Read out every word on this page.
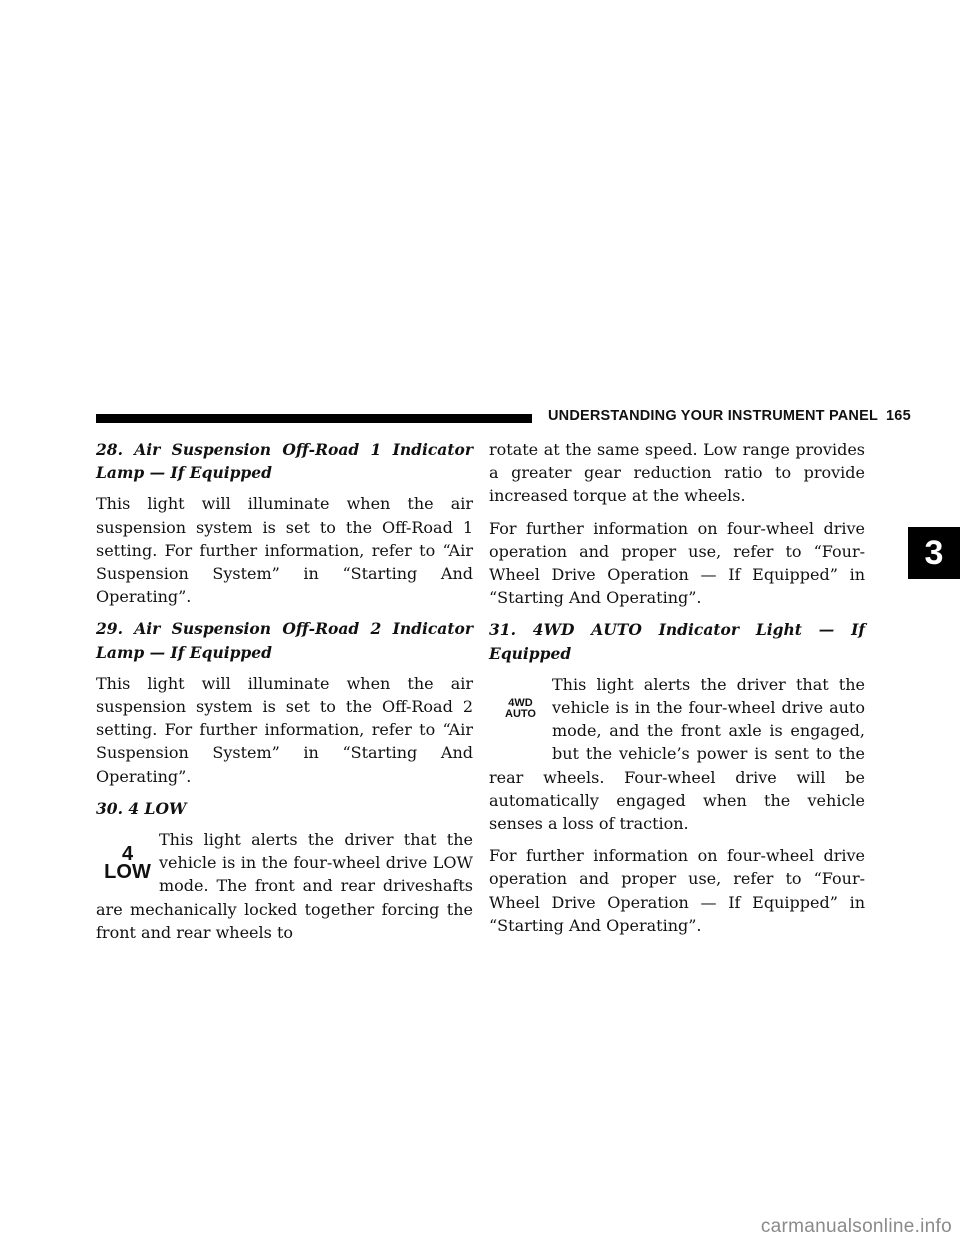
UNDERSTANDING YOUR INSTRUMENT PANEL 165
3

28. Air Suspension Off-Road 1 Indicator Lamp — If Equipped

This light will illuminate when the air suspension system is set to the Off-Road 1 setting. For further information, refer to “Air Suspension System” in “Starting And Operating”.

29. Air Suspension Off-Road 2 Indicator Lamp — If Equipped

This light will illuminate when the air suspension system is set to the Off-Road 2 setting. For further information, refer to “Air Suspension System” in “Starting And Operating”.

30. 4 LOW

4
LOW
This light alerts the driver that the vehicle is in the four-wheel drive LOW mode. The front and rear driveshafts are mechanically locked together forcing the front and rear wheels to

rotate at the same speed. Low range provides a greater gear reduction ratio to provide increased torque at the wheels.

For further information on four-wheel drive operation and proper use, refer to “Four-Wheel Drive Operation — If Equipped” in “Starting And Operating”.

31. 4WD AUTO Indicator Light — If Equipped

4WD
AUTO
This light alerts the driver that the vehicle is in the four-wheel drive auto mode, and the front axle is engaged, but the vehicle’s power is sent to the rear wheels. Four-wheel drive will be automatically engaged when the vehicle senses a loss of traction.

For further information on four-wheel drive operation and proper use, refer to “Four-Wheel Drive Operation — If Equipped” in “Starting And Operating”.

carmanualsonline.info
